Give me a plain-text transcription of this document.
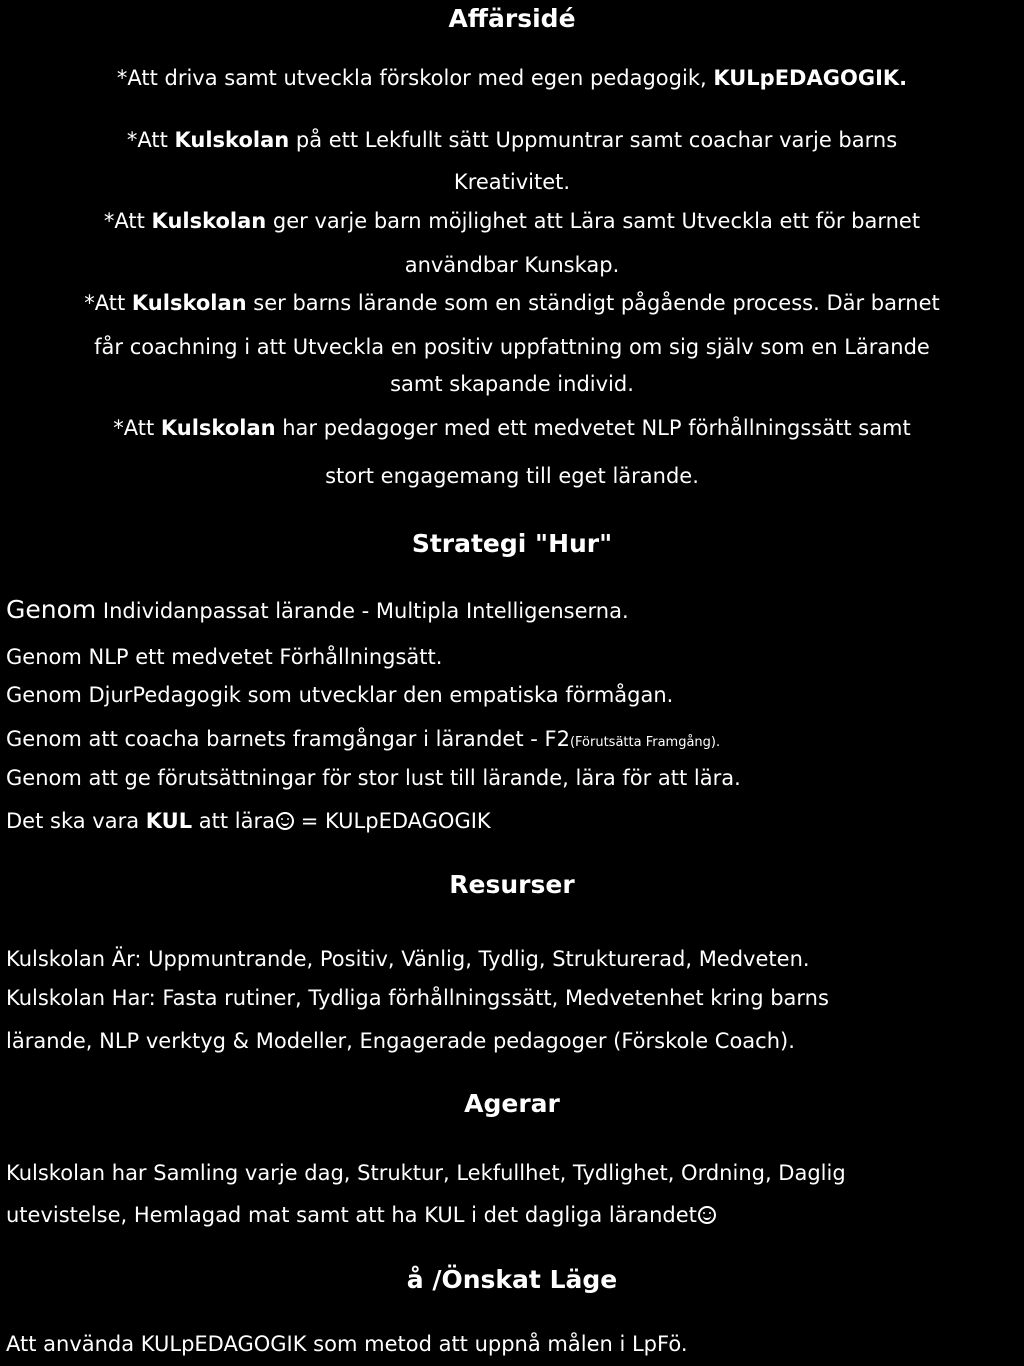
Affärsidé
*Att driva samt utveckla förskolor med egen pedagogik, KULpEDAGOGIK.
*Att Kulskolan på ett Lekfullt sätt Uppmuntrar samt coachar varje barns
Kreativitet.
*Att Kulskolan ger varje barn möjlighet att Lära samt Utveckla ett för barnet
användbar Kunskap.
*Att Kulskolan ser barns lärande som en ständigt pågående process. Där barnet
får coachning i att Utveckla en positiv uppfattning om sig själv som en Lärande
samt skapande individ.
*Att Kulskolan har pedagoger med ett medvetet NLP förhållningssätt samt
stort engagemang till eget lärande.
Strategi "Hur"
Genom Individanpassat lärande - Multipla Intelligenserna.
Genom NLP ett medvetet Förhållningsätt.
Genom DjurPedagogik som utvecklar den empatiska förmågan.
Genom att coacha barnets framgångar i lärandet - F2(Förutsätta Framgång).
Genom att ge förutsättningar för stor lust till lärande, lära för att lära.
Det ska vara KUL att lära = KULpEDAGOGIK
Resurser
Kulskolan Är: Uppmuntrande, Positiv, Vänlig, Tydlig, Strukturerad, Medveten.
Kulskolan Har: Fasta rutiner, Tydliga förhållningssätt, Medvetenhet kring barns
lärande, NLP verktyg & Modeller, Engagerade pedagoger (Förskole Coach).
Agerar
Kulskolan har Samling varje dag, Struktur, Lekfullhet, Tydlighet, Ordning, Daglig
utevistelse, Hemlagad mat samt att ha KUL i det dagliga lärandet
å /Önskat Läge
Att använda KULpEDAGOGIK som metod att uppnå målen i LpFö.
